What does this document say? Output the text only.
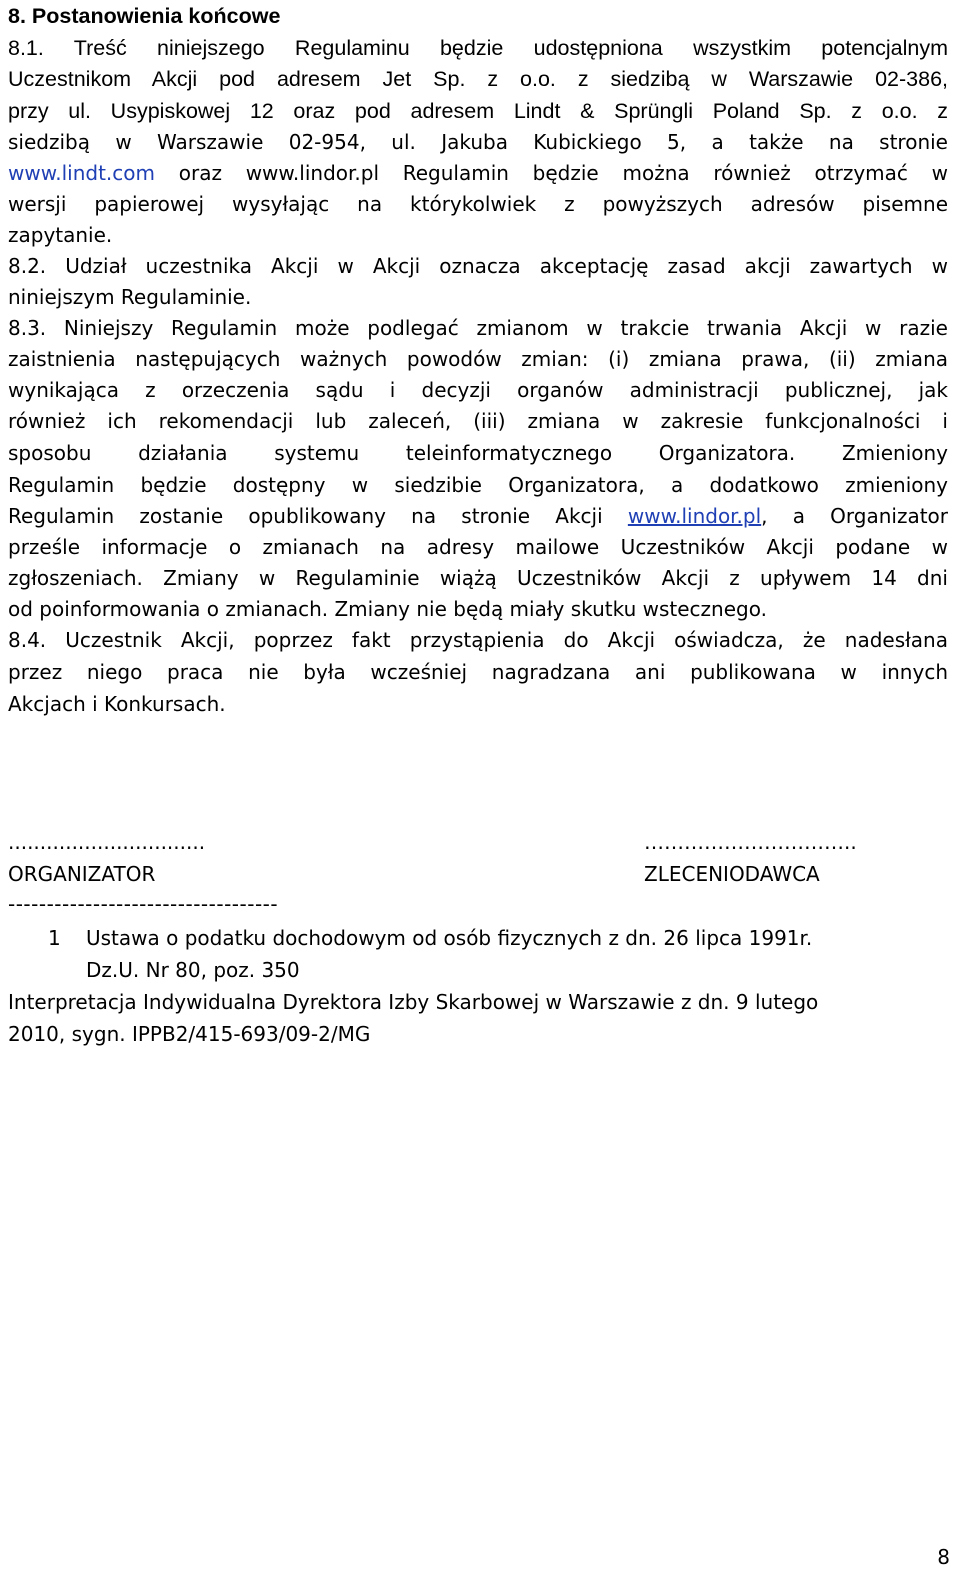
8. Postanowienia końcowe
8.1. Treść niniejszego Regulaminu będzie udostępniona wszystkim potencjalnym
Uczestnikom Akcji pod adresem Jet Sp. z o.o. z siedzibą w Warszawie 02-386,
przy ul. Usypiskowej 12 oraz pod adresem Lindt & Sprüngli Poland Sp. z o.o. z
siedzibą w Warszawie 02-954, ul. Jakuba Kubickiego 5, a także na stronie
www.lindt.com oraz www.lindor.pl Regulamin będzie można również otrzymać w
wersji papierowej wysyłając na którykolwiek z powyższych adresów pisemne
zapytanie.
8.2. Udział uczestnika Akcji w Akcji oznacza akceptację zasad akcji zawartych w
niniejszym Regulaminie.
8.3. Niniejszy Regulamin może podlegać zmianom w trakcie trwania Akcji w razie
zaistnienia następujących ważnych powodów zmian: (i) zmiana prawa, (ii) zmiana
wynikająca z orzeczenia sądu i decyzji organów administracji publicznej, jak
również ich rekomendacji lub zaleceń, (iii) zmiana w zakresie funkcjonalności i
sposobu działania systemu teleinformatycznego Organizatora. Zmieniony
Regulamin będzie dostępny w siedzibie Organizatora, a dodatkowo zmieniony
Regulamin zostanie opublikowany na stronie Akcji www.lindor.pl, a Organizator
prześle informacje o zmianach na adresy mailowe Uczestników Akcji podane w
zgłoszeniach. Zmiany w Regulaminie wiążą Uczestników Akcji z upływem 14 dni
od poinformowania o zmianach. Zmiany nie będą miały skutku wstecznego.
8.4. Uczestnik Akcji, poprzez fakt przystąpienia do Akcji oświadcza, że nadesłana
przez niego praca nie była wcześniej nagradzana ani publikowana w innych
Akcjach i Konkursach.
...............................
ORGANIZATOR
…………………………..
ZLECENIODAWCA
-----------------------------------
1 Ustawa o podatku dochodowym od osób fizycznych z dn. 26 lipca 1991r.
Dz.U. Nr 80, poz. 350
Interpretacja Indywidualna Dyrektora Izby Skarbowej w Warszawie z dn. 9 lutego
2010, sygn. IPPB2/415-693/09-2/MG
8
